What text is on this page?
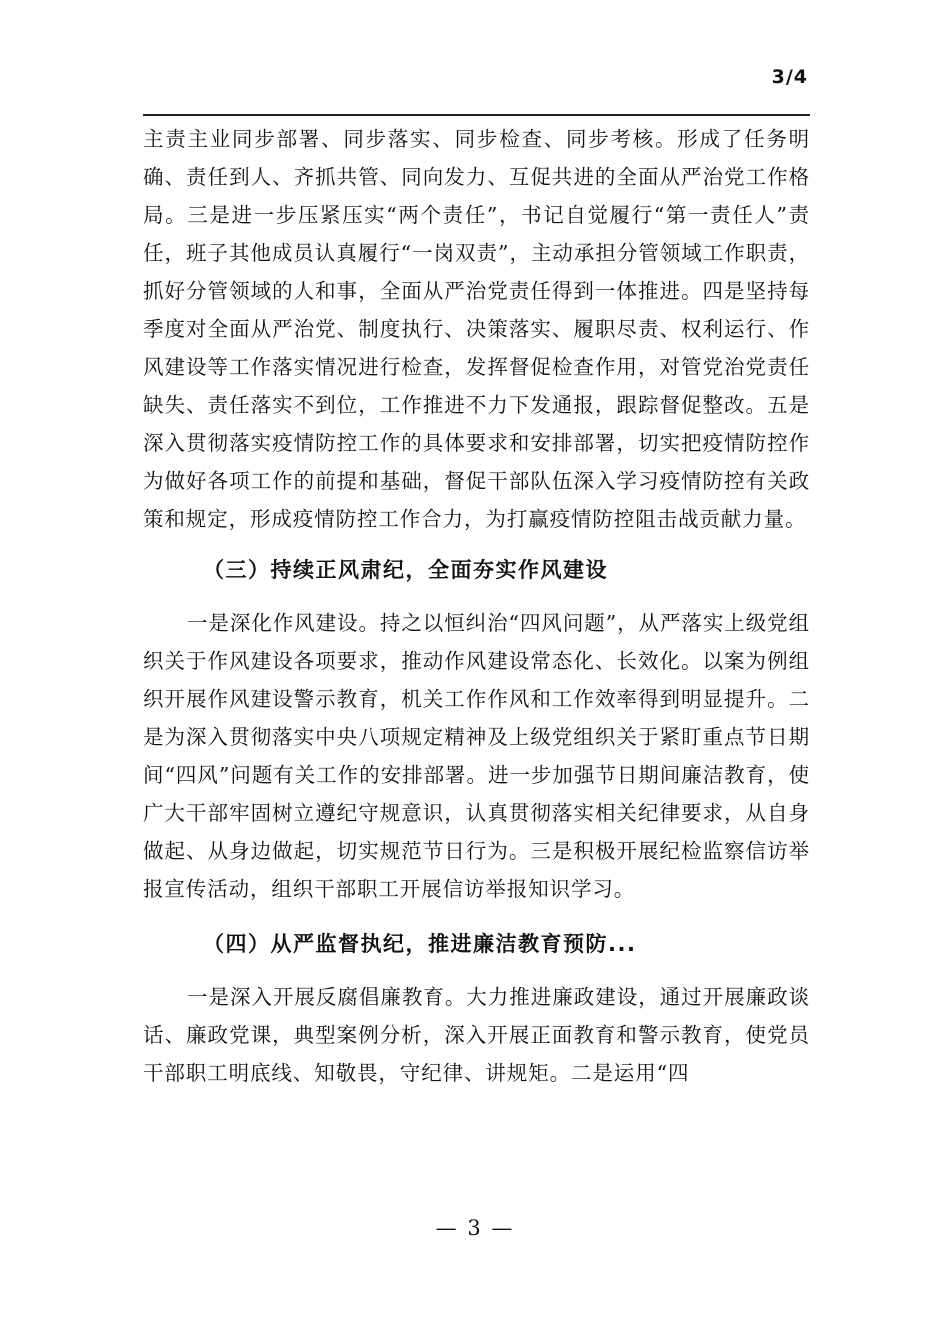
3/4

主责主业同步部署、同步落实、同步检查、同步考核。形成了任务明确、责任到人、齐抓共管、同向发力、互促共进的全面从严治党工作格局。三是进一步压紧压实“两个责任”，书记自觉履行“第一责任人”责任，班子其他成员认真履行“一岗双责”，主动承担分管领域工作职责，抓好分管领域的人和事，全面从严治党责任得到一体推进。四是坚持每季度对全面从严治党、制度执行、决策落实、履职尽责、权利运行、作风建设等工作落实情况进行检查，发挥督促检查作用，对管党治党责任缺失、责任落实不到位，工作推进不力下发通报，跟踪督促整改。五是深入贯彻落实疫情防控工作的具体要求和安排部署，切实把疫情防控作为做好各项工作的前提和基础，督促干部队伍深入学习疫情防控有关政策和规定，形成疫情防控工作合力，为打赢疫情防控阻击战贡献力量。

（三）持续正风肃纪，全面夯实作风建设

一是深化作风建设。持之以恒纠治“四风问题”，从严落实上级党组织关于作风建设各项要求，推动作风建设常态化、长效化。以案为例组织开展作风建设警示教育，机关工作作风和工作效率得到明显提升。二是为深入贯彻落实中央八项规定精神及上级党组织关于紧盯重点节日期间“四风”问题有关工作的安排部署。进一步加强节日期间廉洁教育，使广大干部牢固树立遵纪守规意识，认真贯彻落实相关纪律要求，从自身做起、从身边做起，切实规范节日行为。三是积极开展纪检监察信访举报宣传活动，组织干部职工开展信访举报知识学习。

（四）从严监督执纪，推进廉洁教育预防...

一是深入开展反腐倡廉教育。大力推进廉政建设，通过开展廉政谈话、廉政党课，典型案例分析，深入开展正面教育和警示教育，使党员干部职工明底线、知敬畏，守纪律、讲规矩。二是运用“四

— 3 —
